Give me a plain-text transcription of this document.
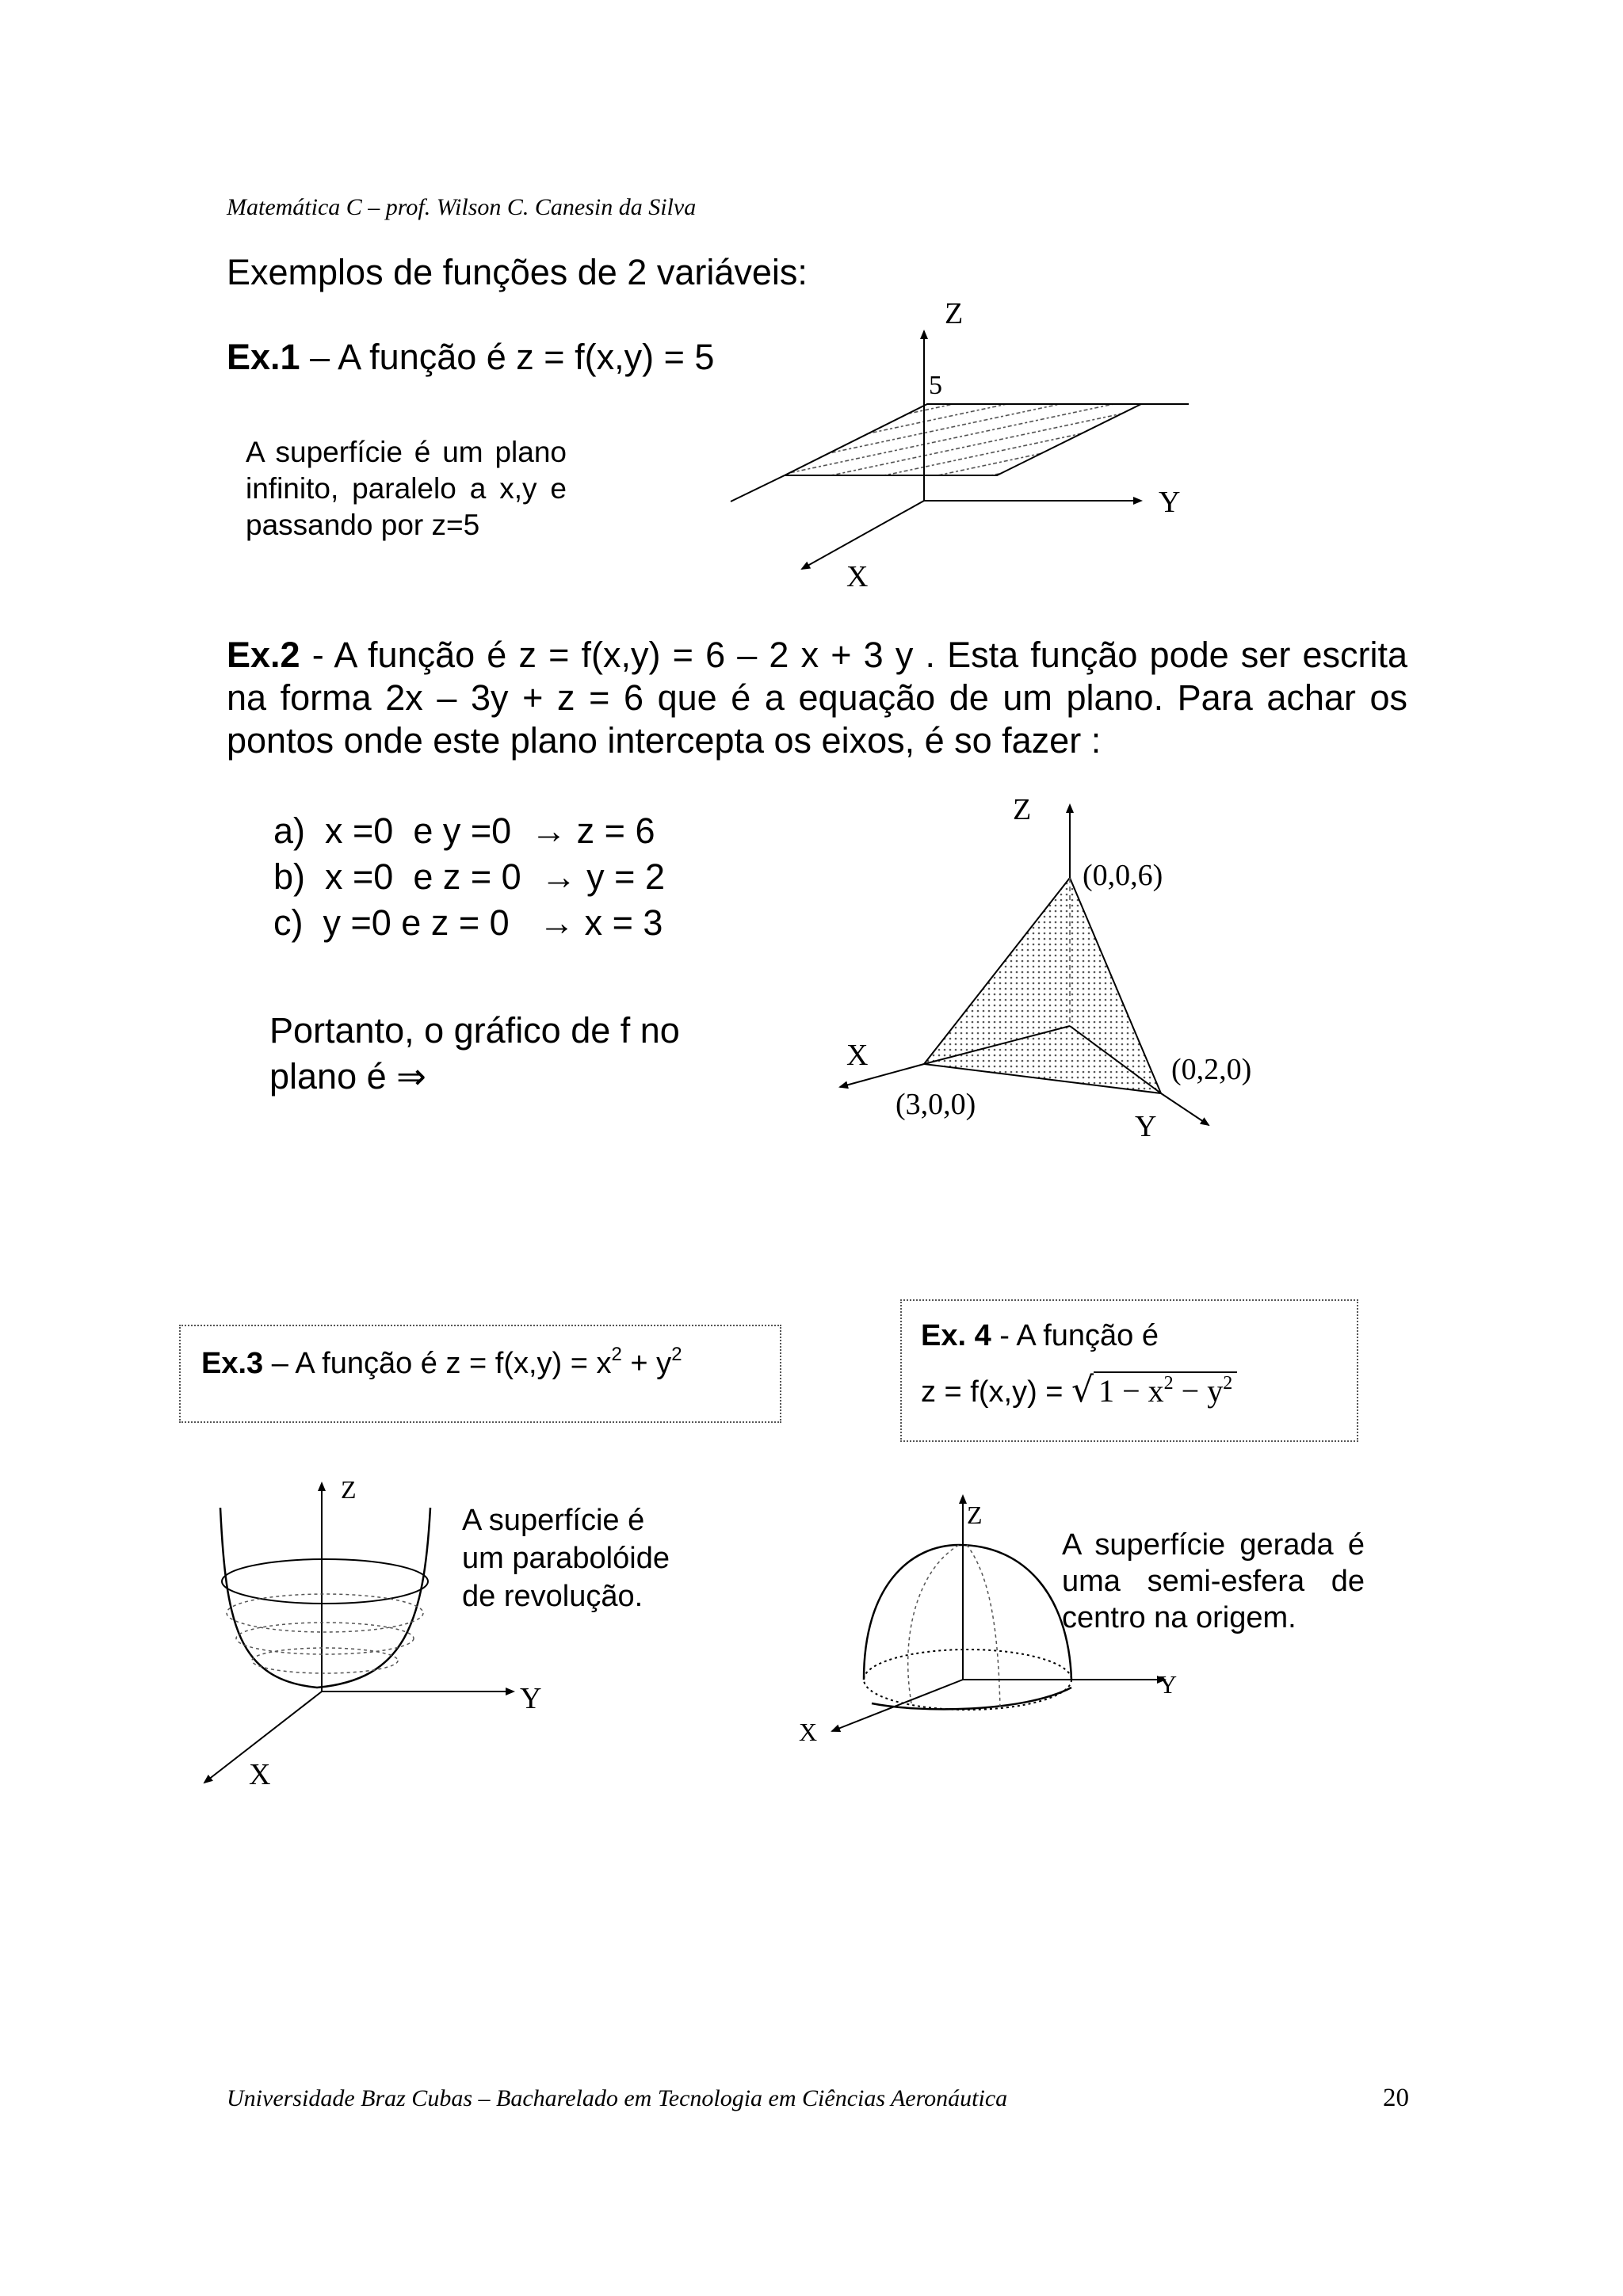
Matemática C – prof. Wilson C. Canesin da Silva
Exemplos de funções de 2 variáveis:
Ex.1 – A função é z = f(x,y) = 5
A superfície é um plano infinito, paralelo a x,y e passando por z=5
Z
5
Y
X
Ex.2 - A função é z = f(x,y) = 6 – 2 x + 3 y . Esta função pode ser escrita na forma 2x – 3y + z = 6 que é a equação de um plano. Para achar os pontos onde este plano intercepta os eixos, é so fazer :
a)  x =0  e y =0  → z = 6
b)  x =0  e z = 0  → y = 2
c)  y =0 e z = 0   → x = 3
Portanto, o gráfico de f no
plano é ⇒
Z
(0,0,6)
X	(0,2,0)
(3,0,0)
Y
Ex.3 – A função é $z = f(x,y) = x^2 + y^2$
Ex. 4 - A função é
z = f(x,y) = √ $1 - x^2 - y^2$
Z
Y
X
A superfície é
um parabolóide
de revolução.
Z
Y
X
A superfície gerada é uma semi-esfera de centro na origem.
Universidade Braz Cubas – Bacharelado em Tecnologia em Ciências Aeronáutica	20
